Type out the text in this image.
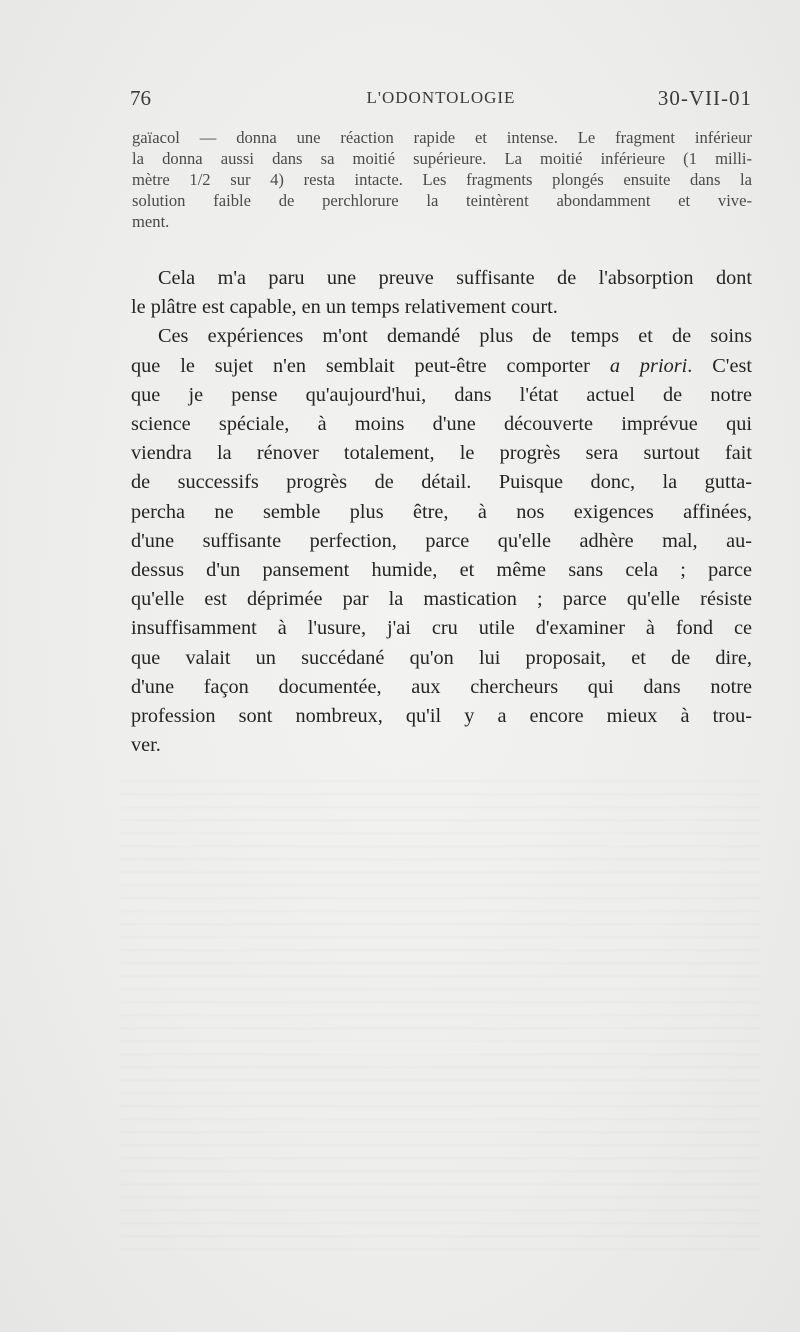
76	L'ODONTOLOGIE	30-VII-01
gaïacol — donna une réaction rapide et intense. Le fragment inférieur
la donna aussi dans sa moitié supérieure. La moitié inférieure (1 milli-
mètre 1/2 sur 4) resta intacte. Les fragments plongés ensuite dans la
solution faible de perchlorure la teintèrent abondamment et vive-
ment.
Cela m'a paru une preuve suffisante de l'absorption dont
le plâtre est capable, en un temps relativement court.
Ces expériences m'ont demandé plus de temps et de soins
que le sujet n'en semblait peut-être comporter a priori. C'est
que je pense qu'aujourd'hui, dans l'état actuel de notre
science spéciale, à moins d'une découverte imprévue qui
viendra la rénover totalement, le progrès sera surtout fait
de successifs progrès de détail. Puisque donc, la gutta-
percha ne semble plus être, à nos exigences affinées,
d'une suffisante perfection, parce qu'elle adhère mal, au-
dessus d'un pansement humide, et même sans cela ; parce
qu'elle est déprimée par la mastication ; parce qu'elle résiste
insuffisamment à l'usure, j'ai cru utile d'examiner à fond ce
que valait un succédané qu'on lui proposait, et de dire,
d'une façon documentée, aux chercheurs qui dans notre
profession sont nombreux, qu'il y a encore mieux à trou-
ver.
